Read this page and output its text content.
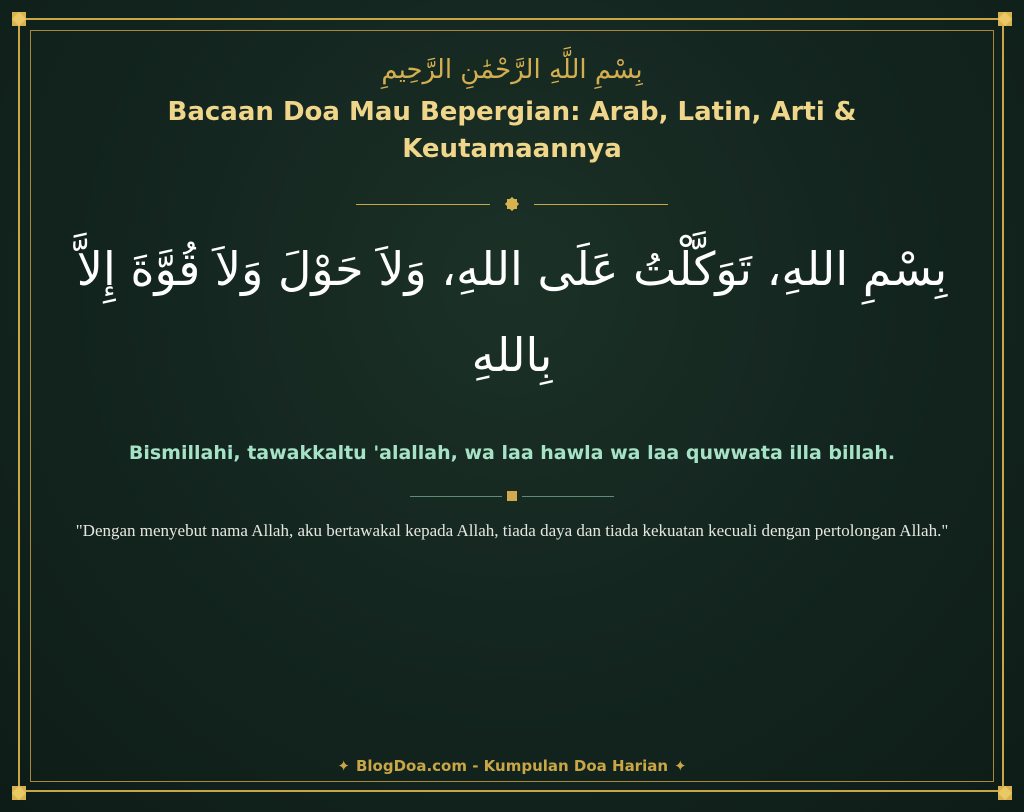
بِسْمِ اللَّهِ الرَّحْمَٰنِ الرَّحِيمِ
Bacaan Doa Mau Bepergian: Arab, Latin, Arti & Keutamaannya
بِسْمِ اللهِ، تَوَكَّلْتُ عَلَى اللهِ، وَلاَ حَوْلَ وَلاَ قُوَّةَ إِلاَّ بِاللهِ
Bismillahi, tawakkaltu 'alallah, wa laa hawla wa laa quwwata illa billah.
"Dengan menyebut nama Allah, aku bertawakal kepada Allah, tiada daya dan tiada kekuatan kecuali dengan pertolongan Allah."
✦ BlogDoa.com - Kumpulan Doa Harian ✦
